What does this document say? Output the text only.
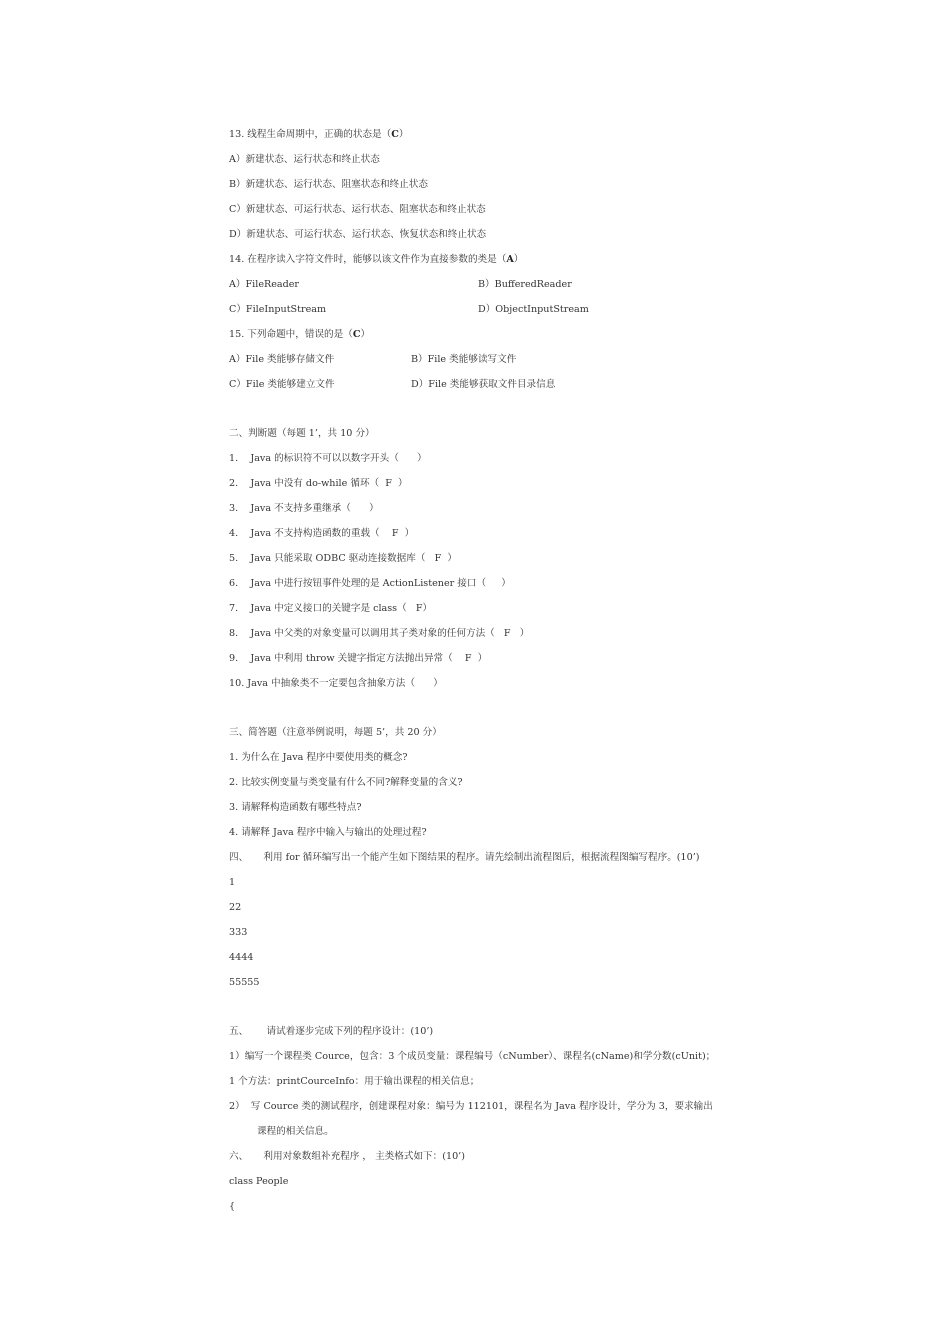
13. 线程生命周期中，正确的状态是（C）
A）新建状态、运行状态和终止状态
B）新建状态、运行状态、阻塞状态和终止状态
C）新建状态、可运行状态、运行状态、阻塞状态和终止状态
D）新建状态、可运行状态、运行状态、恢复状态和终止状态
14. 在程序读入字符文件时，能够以该文件作为直接参数的类是（A）
A）FileReader	B）BufferedReader
C）FileInputStream	D）ObjectInputStream
15. 下列命题中，错误的是（C）
A）File 类能够存储文件	B）File 类能够读写文件
C）File 类能够建立文件	D）File 类能够获取文件目录信息
二、判断题（每题 1’，共 10 分）
1.    Java 的标识符不可以以数字开头（      ）
2.    Java 中没有 do-while 循环（  F  ）
3.    Java 不支持多重继承（      ）
4.    Java 不支持构造函数的重载（    F  ）
5.    Java 只能采取 ODBC 驱动连接数据库（   F  ）
6.    Java 中进行按钮事件处理的是 ActionListener 接口（     ）
7.    Java 中定义接口的关键字是 class（   F）
8.    Java 中父类的对象变量可以调用其子类对象的任何方法（   F   ）
9.    Java 中利用 throw 关键字指定方法抛出异常（    F  ）
10. Java 中抽象类不一定要包含抽象方法（      ）
三、简答题（注意举例说明，每题 5’，共 20 分）
1. 为什么在 Java 程序中要使用类的概念?
2. 比较实例变量与类变量有什么不同?解释变量的含义?
3. 请解释构造函数有哪些特点?
4. 请解释 Java 程序中输入与输出的处理过程?
四、     利用 for 循环编写出一个能产生如下图结果的程序。请先绘制出流程图后，根据流程图编写程序。(10’)
1
22
333
4444
55555
五、      请试着逐步完成下列的程序设计：(10’)
1）编写一个课程类 Cource，包含：3 个成员变量：课程编号（cNumber）、课程名(cName)和学分数(cUnit)；
1 个方法：printCourceInfo：用于输出课程的相关信息；
2）  写 Cource 类的测试程序，创建课程对象：编号为 112101，课程名为 Java 程序设计，学分为 3，要求输出
课程的相关信息。
六、     利用对象数组补充程序 ， 主类格式如下：(10’)
class People
{
